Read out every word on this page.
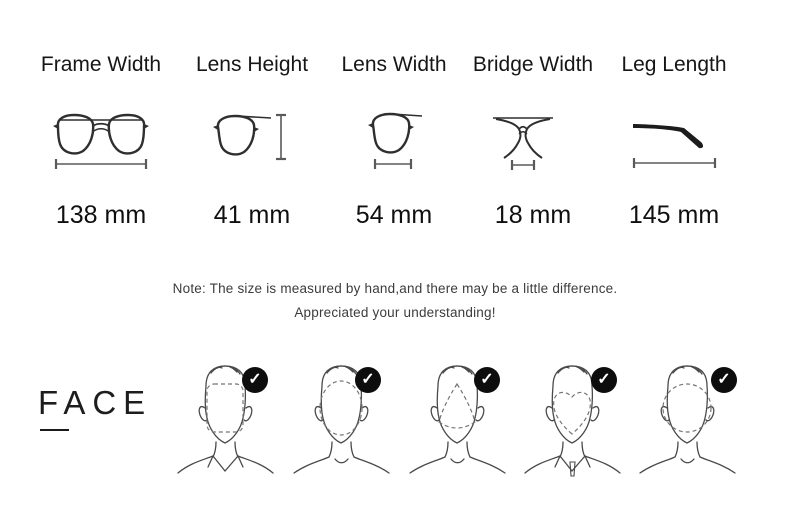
Frame Width
138 mm
Lens Height
41 mm
Lens Width
54 mm
Bridge Width
18 mm
Leg Length
145 mm
Note: The size is measured by hand,and there may be a little difference.
Appreciated your understanding!
FACE
✓	✓	✓	✓	✓
